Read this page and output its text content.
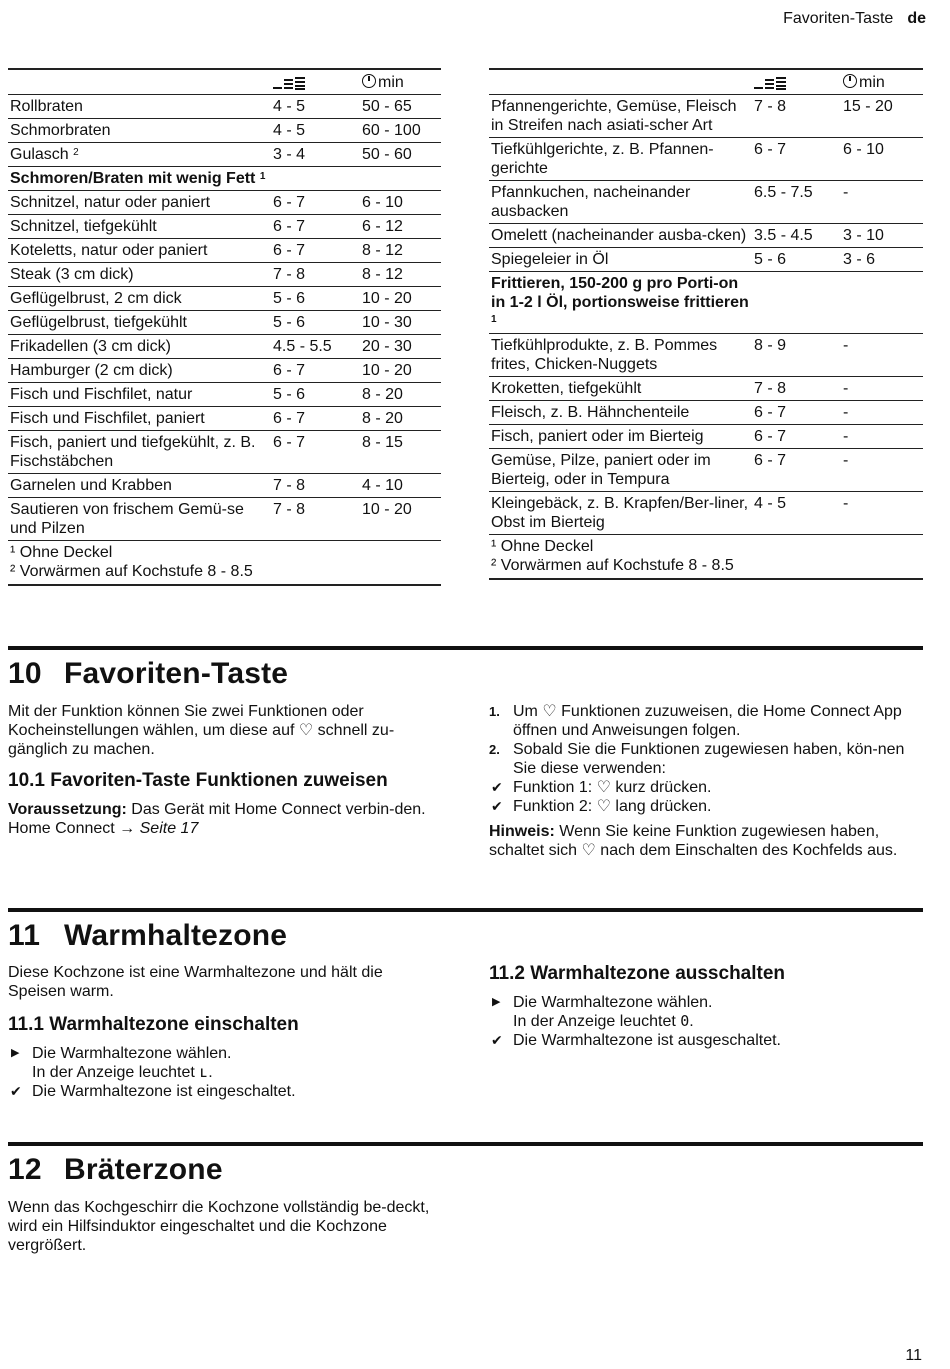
Favoriten-Taste de
		min
Rollbraten	4 - 5	50 - 65
Schmorbraten	4 - 5	60 - 100
Gulasch $^2$	3 - 4	50 - 60
Schmoren/Braten mit wenig Fett $^1$		
Schnitzel, natur oder paniert	6 - 7	6 - 10
Schnitzel, tiefgekühlt	6 - 7	6 - 12
Koteletts, natur oder paniert	6 - 7	8 - 12
Steak (3 cm dick)	7 - 8	8 - 12
Geflügelbrust, 2 cm dick	5 - 6	10 - 20
Geflügelbrust, tiefgekühlt	5 - 6	10 - 30
Frikadellen (3 cm dick)	4.5 - 5.5	20 - 30
Hamburger (2 cm dick)	6 - 7	10 - 20
Fisch und Fischfilet, natur	5 - 6	8 - 20
Fisch und Fischfilet, paniert	6 - 7	8 - 20
Fisch, paniert und tiefgekühlt, z. B. Fischstäbchen	6 - 7	8 - 15
Garnelen und Krabben	7 - 8	4 - 10
Sautieren von frischem Gemü-se und Pilzen	7 - 8	10 - 20

¹ Ohne Deckel
² Vorwärmen auf Kochstufe 8 - 8.5		
		min
Pfannengerichte, Gemüse, Fleisch in Streifen nach asiati-scher Art	7 - 8	15 - 20
Tiefkühlgerichte, z. B. Pfannen-gerichte	6 - 7	6 - 10
Pfannkuchen, nacheinander ausbacken	6.5 - 7.5	-
Omelett (nacheinander ausba-cken)	3.5 - 4.5	3 - 10
Spiegeleier in Öl	5 - 6	3 - 6
Frittieren, 150-200 g pro Porti-on in 1-2 l Öl, portionsweise frittieren $^1$		
Tiefkühlprodukte, z. B. Pommes frites, Chicken-Nuggets	8 - 9	-
Kroketten, tiefgekühlt	7 - 8	-
Fleisch, z. B. Hähnchenteile	6 - 7	-
Fisch, paniert oder im Bierteig	6 - 7	-
Gemüse, Pilze, paniert oder im Bierteig, oder in Tempura	6 - 7	-
Kleingebäck, z. B. Krapfen/Ber-liner, Obst im Bierteig	4 - 5	-

¹ Ohne Deckel
² Vorwärmen auf Kochstufe 8 - 8.5		
10 Favoriten-Taste

Mit der Funktion können Sie zwei Funktionen oder Kocheinstellungen wählen, um diese auf ♡ schnell zu-gänglich zu machen.

10.1 Favoriten-Taste Funktionen zuweisen

Voraussetzung: Das Gerät mit Home Connect verbin-den. Home Connect → Seite 17

1. Um ♡ Funktionen zuzuweisen, die Home Connect App öffnen und Anweisungen folgen.
2. Sobald Sie die Funktionen zugewiesen haben, kön-nen Sie diese verwenden:
✔ Funktion 1: ♡ kurz drücken.
✔ Funktion 2: ♡ lang drücken.

Hinweis: Wenn Sie keine Funktion zugewiesen haben, schaltet sich ♡ nach dem Einschalten des Kochfelds aus.

11 Warmhaltezone

Diese Kochzone ist eine Warmhaltezone und hält die Speisen warm.

11.1 Warmhaltezone einschalten
▶ Die Warmhaltezone wählen.
In der Anzeige leuchtet ʟ.
✔ Die Warmhaltezone ist eingeschaltet.
11.2 Warmhaltezone ausschalten
▶ Die Warmhaltezone wählen.
In der Anzeige leuchtet 0.
✔ Die Warmhaltezone ist ausgeschaltet.
12 Bräterzone

Wenn das Kochgeschirr die Kochzone vollständig be-deckt, wird ein Hilfsinduktor eingeschaltet und die Kochzone vergrößert.

11
